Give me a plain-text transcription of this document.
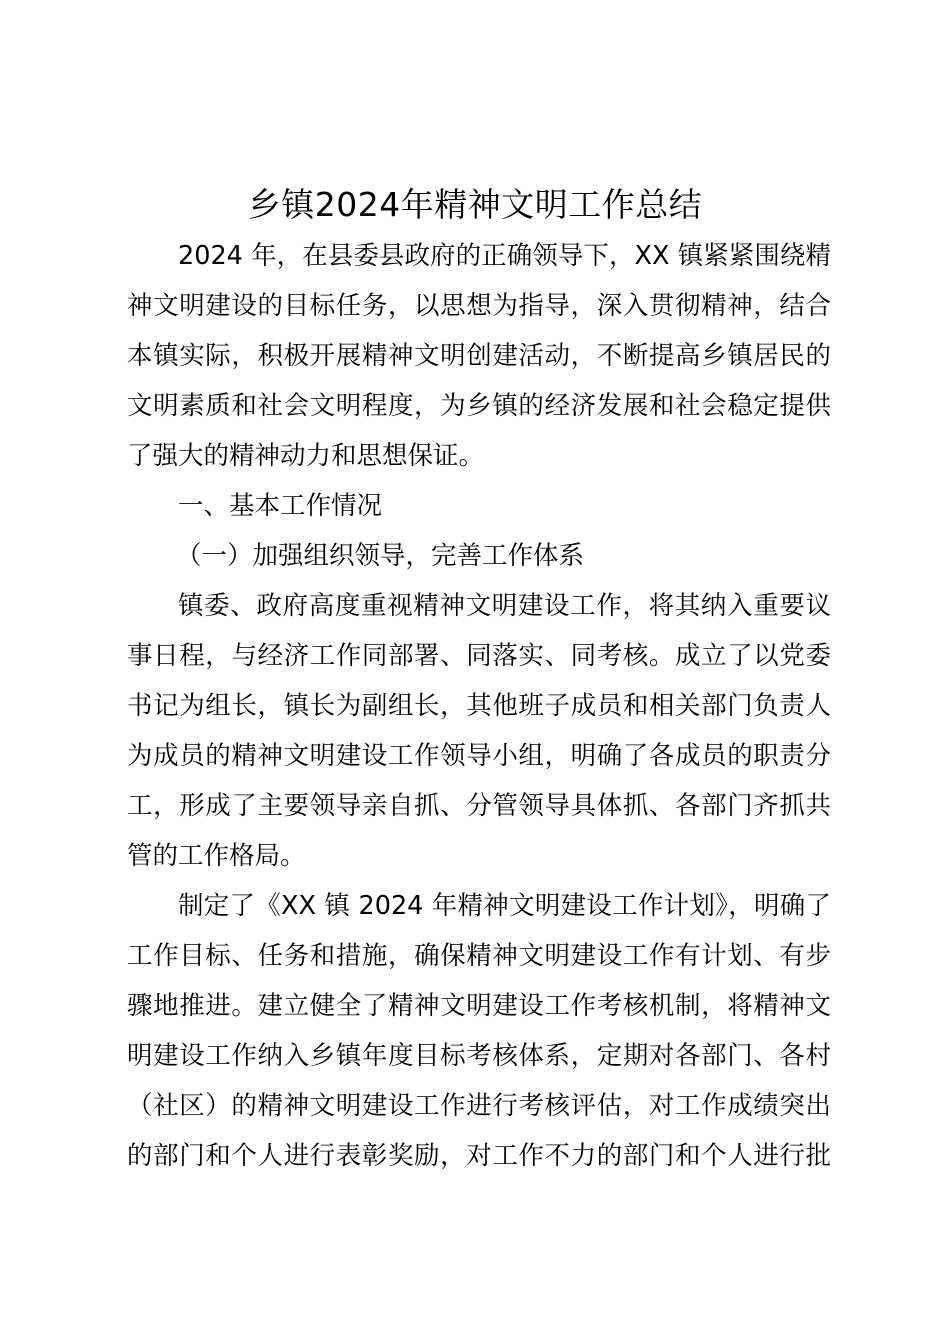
乡镇2024年精神文明工作总结
2024 年，在县委县政府的正确领导下，XX 镇紧紧围绕精
神文明建设的目标任务，以思想为指导，深入贯彻精神，结合
本镇实际，积极开展精神文明创建活动，不断提高乡镇居民的
文明素质和社会文明程度，为乡镇的经济发展和社会稳定提供
了强大的精神动力和思想保证。
一、基本工作情况
（一）加强组织领导，完善工作体系
镇委、政府高度重视精神文明建设工作，将其纳入重要议
事日程，与经济工作同部署、同落实、同考核。成立了以党委
书记为组长，镇长为副组长，其他班子成员和相关部门负责人
为成员的精神文明建设工作领导小组，明确了各成员的职责分
工，形成了主要领导亲自抓、分管领导具体抓、各部门齐抓共
管的工作格局。
制定了《XX 镇 2024 年精神文明建设工作计划》，明确了
工作目标、任务和措施，确保精神文明建设工作有计划、有步
骤地推进。建立健全了精神文明建设工作考核机制，将精神文
明建设工作纳入乡镇年度目标考核体系，定期对各部门、各村
（社区）的精神文明建设工作进行考核评估，对工作成绩突出
的部门和个人进行表彰奖励，对工作不力的部门和个人进行批
